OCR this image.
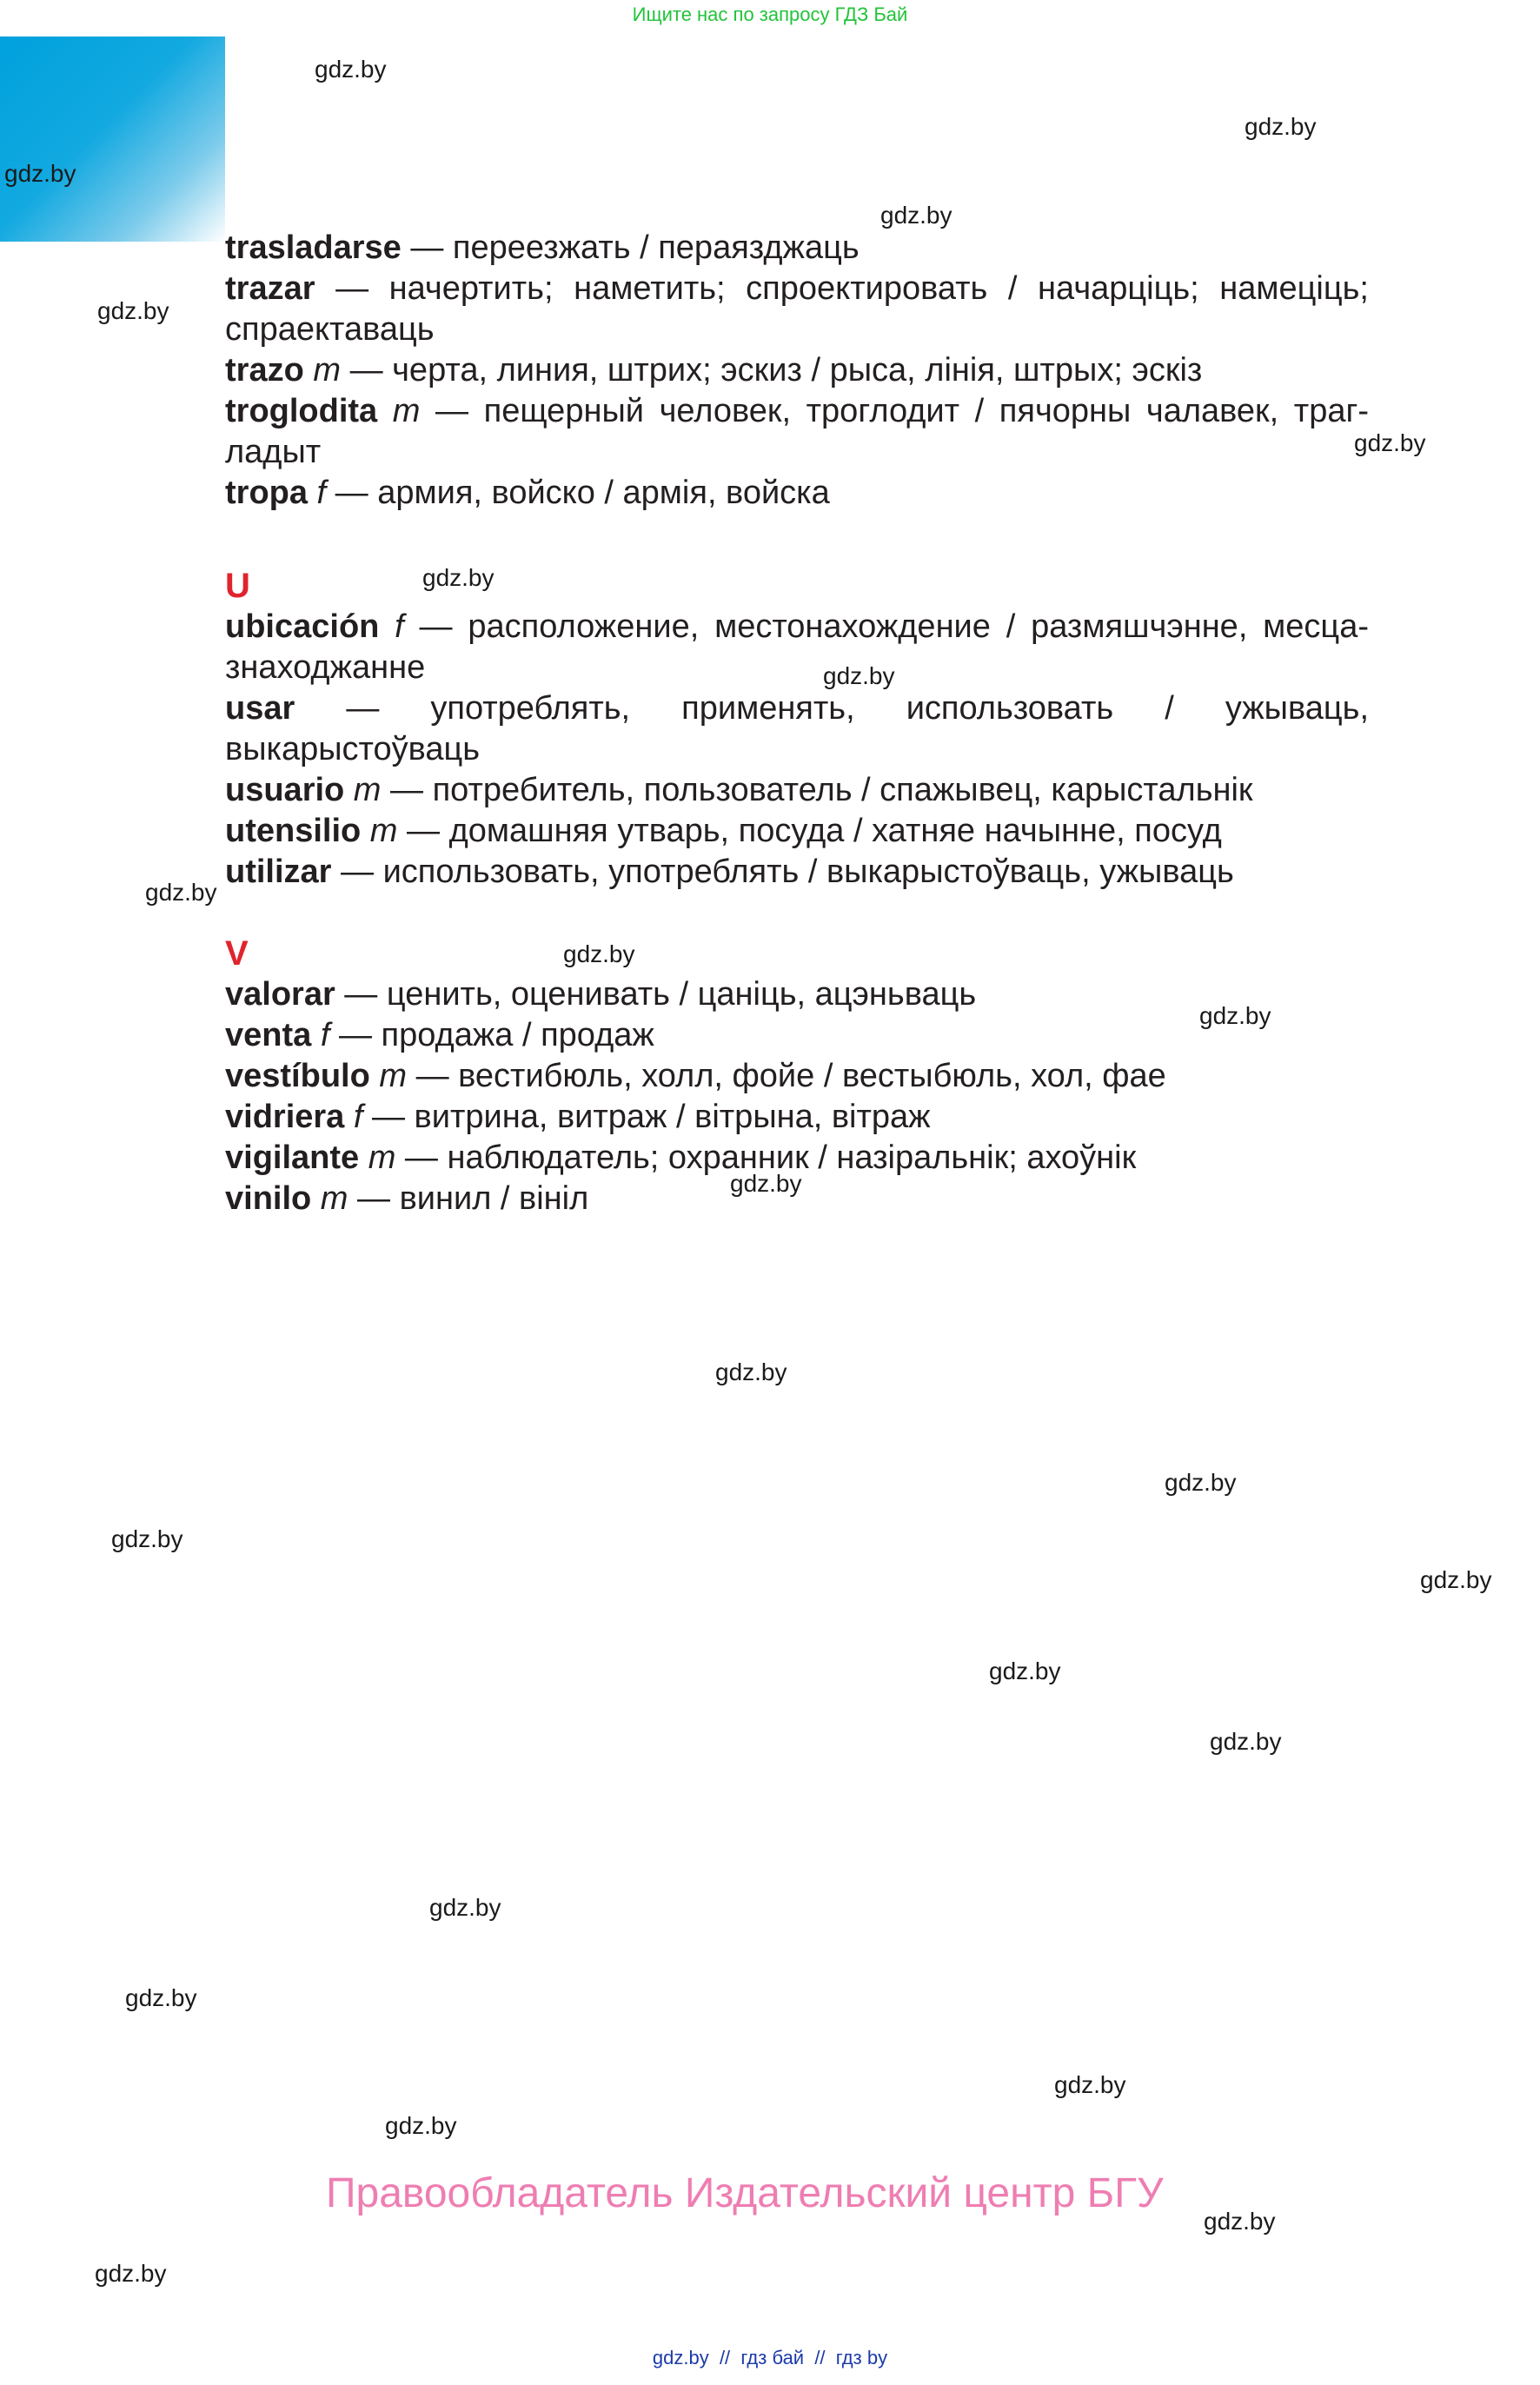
Ищите нас по запросу ГДЗ Бай
gdz.by
gdz.by
gdz.by
gdz.by
gdz.by
gdz.by
gdz.by
gdz.by
gdz.by
gdz.by
gdz.by
gdz.by
gdz.by
gdz.by
gdz.by
gdz.by
gdz.by
gdz.by
gdz.by
gdz.by
gdz.by
gdz.by
gdz.by
gdz.by

trasladarse — переезжать / пераязджаць

trazar — начертить; наметить; спроектировать / начарціць; намеціць; спраектаваць

trazo m — черта, линия, штрих; эскиз / рыса, лінія, штрых; эскіз

troglodita m — пещерный человек, троглодит / пячорны чалавек, трагладыт

tropa f — армия, войско / армія, войска

U

ubicación f — расположение, местонахождение / размяшчэнне, месцазнаходжанне

usar — употреблять, применять, использовать / ужываць, выкарыстоўваць

usuario m — потребитель, пользователь / спажывец, карыстальнік

utensilio m — домашняя утварь, посуда / хатняе начынне, посуд

utilizar — использовать, употреблять / выкарыстоўваць, ужываць

V

valorar — ценить, оценивать / цаніць, ацэньваць

venta f — продажа / продаж

vestíbulo m — вестибюль, холл, фойе / вестыбюль, хол, фае

vidriera f — витрина, витраж / вітрына, вітраж

vigilante m — наблюдатель; охранник / назіральнік; ахоўнік

vinilo m — винил / вініл

Правообладатель Издательский центр БГУ
gdz.by  //  гдз бай  //  гдз by
